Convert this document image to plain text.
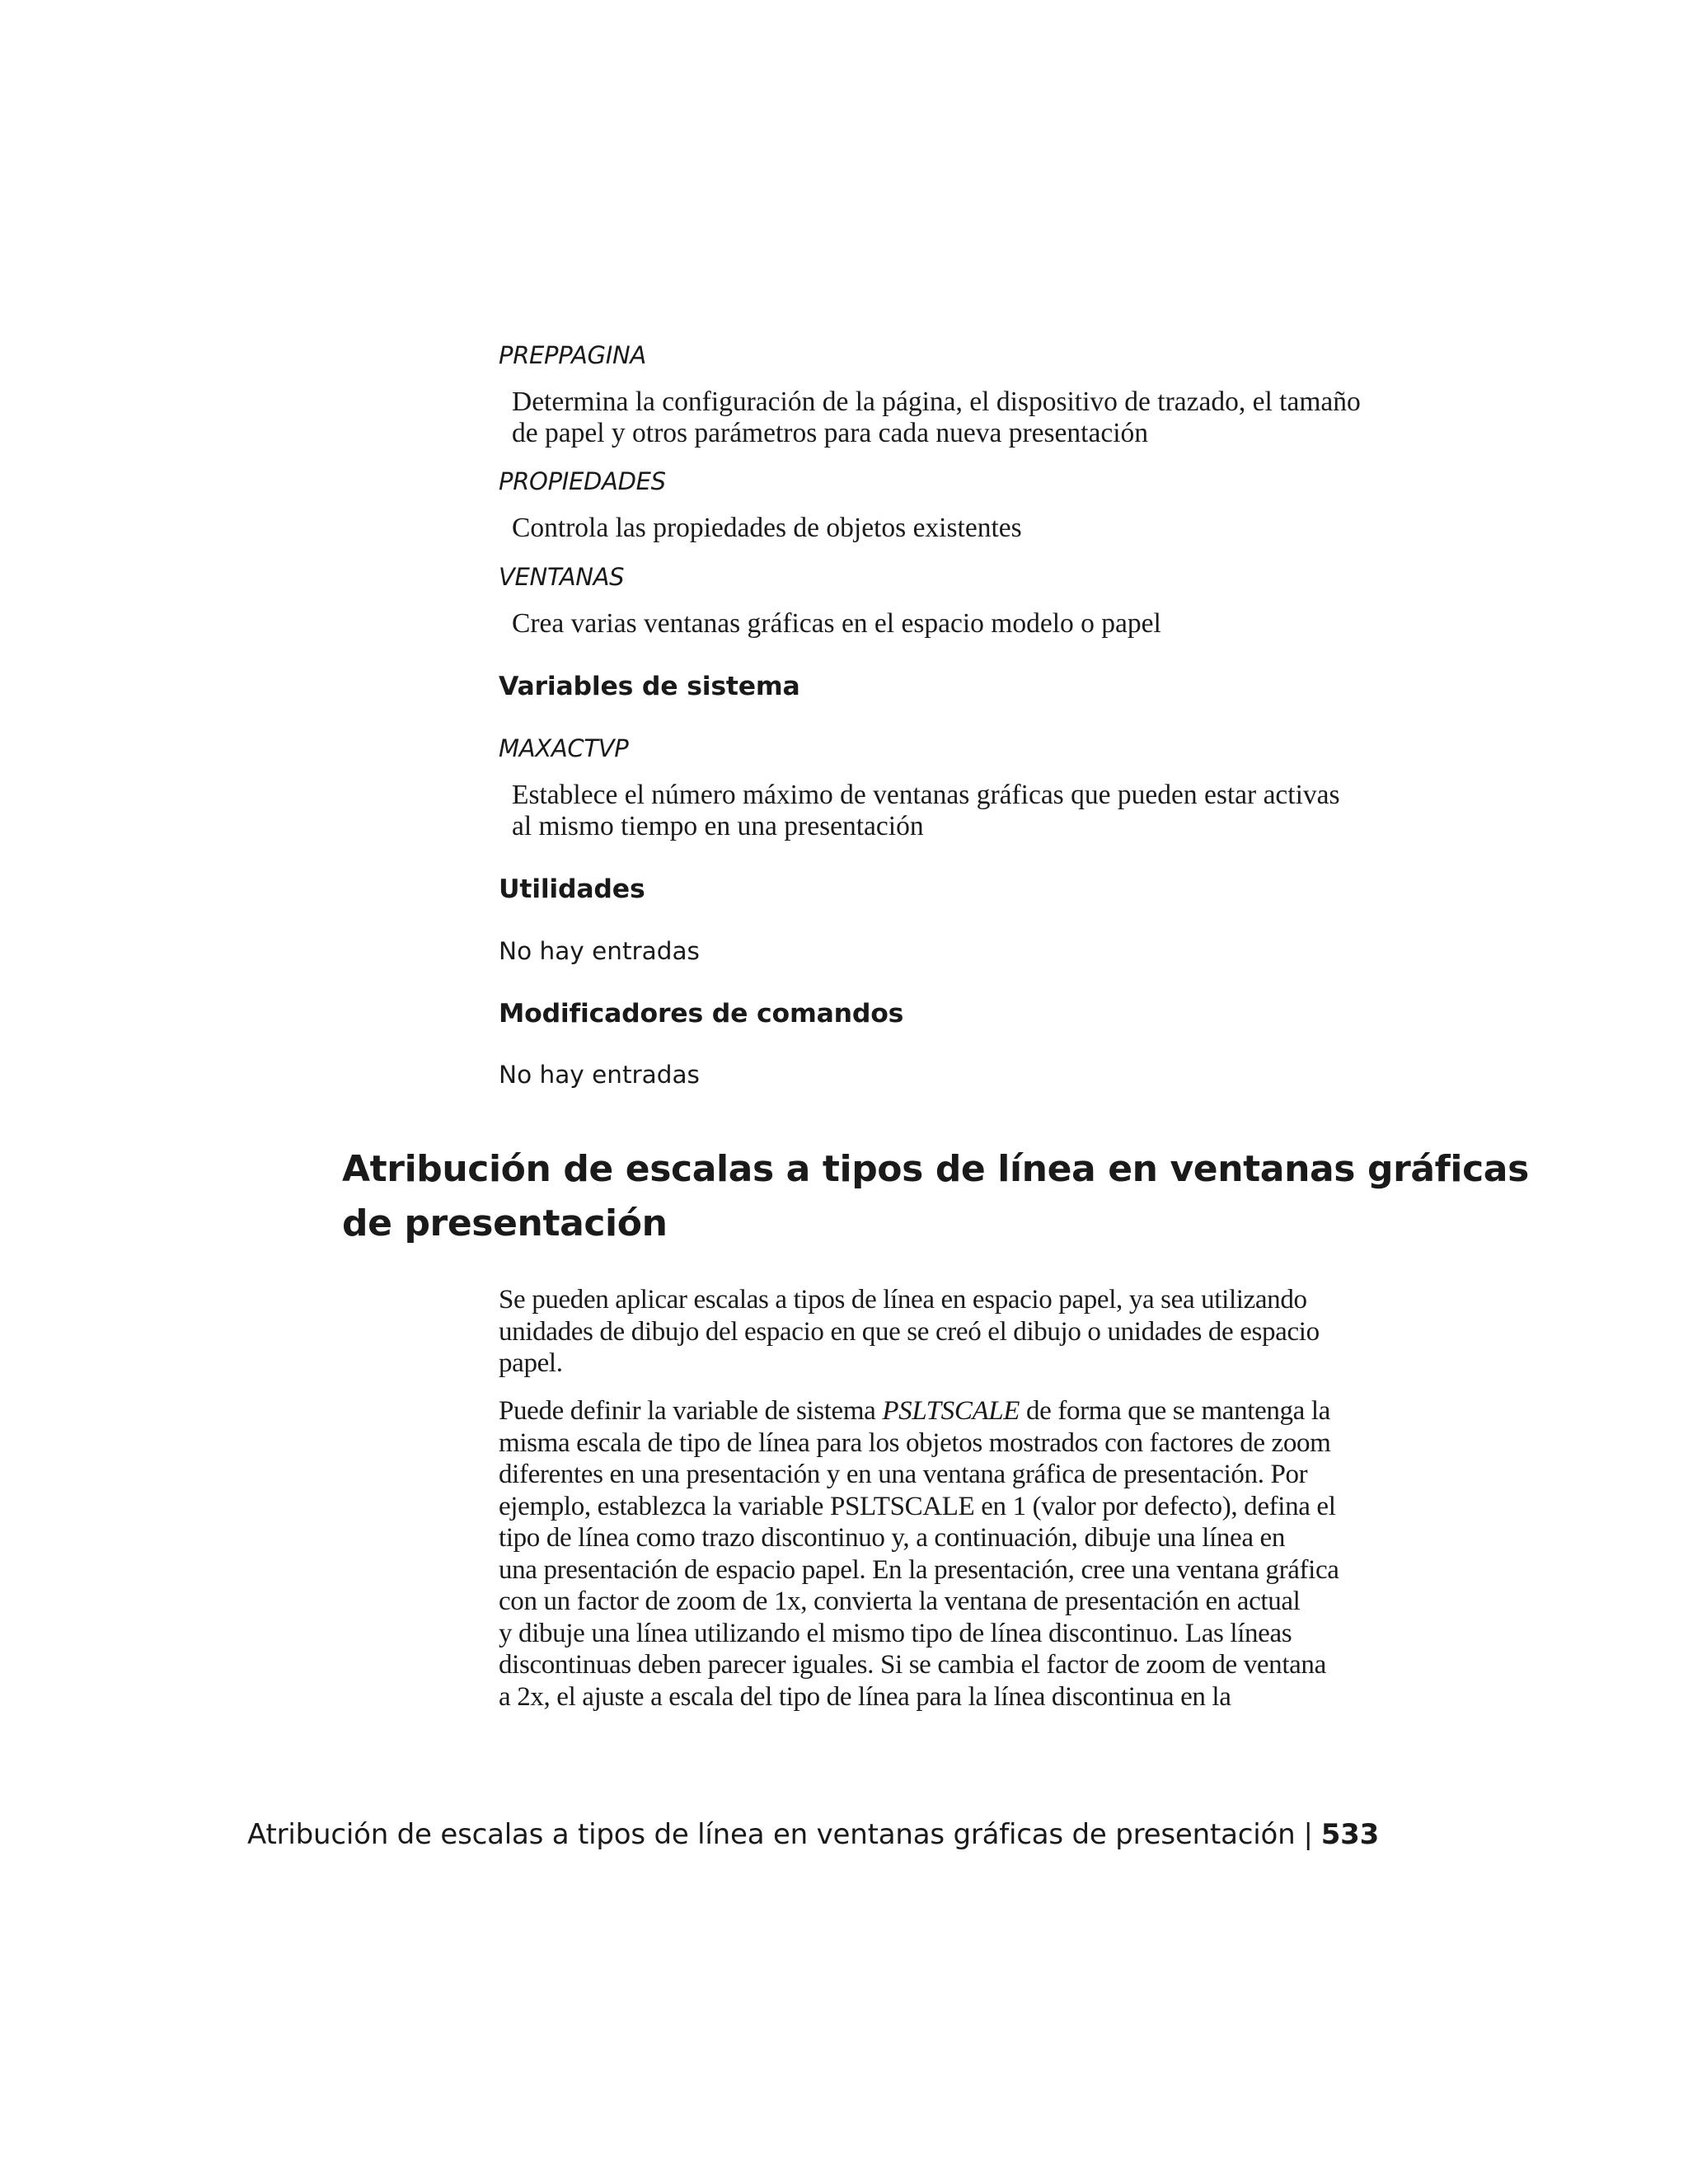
PREPPAGINA
Determina la configuración de la página, el dispositivo de trazado, el tamaño
de papel y otros parámetros para cada nueva presentación
PROPIEDADES
Controla las propiedades de objetos existentes
VENTANAS
Crea varias ventanas gráficas en el espacio modelo o papel
Variables de sistema
MAXACTVP
Establece el número máximo de ventanas gráficas que pueden estar activas
al mismo tiempo en una presentación
Utilidades
No hay entradas
Modificadores de comandos
No hay entradas
Atribución de escalas a tipos de línea en ventanas gráficas
de presentación
Se pueden aplicar escalas a tipos de línea en espacio papel, ya sea utilizando
unidades de dibujo del espacio en que se creó el dibujo o unidades de espacio
papel.
Puede definir la variable de sistema PSLTSCALE de forma que se mantenga la
misma escala de tipo de línea para los objetos mostrados con factores de zoom
diferentes en una presentación y en una ventana gráfica de presentación. Por
ejemplo, establezca la variable PSLTSCALE en 1 (valor por defecto), defina el
tipo de línea como trazo discontinuo y, a continuación, dibuje una línea en
una presentación de espacio papel. En la presentación, cree una ventana gráfica
con un factor de zoom de 1x, convierta la ventana de presentación en actual
y dibuje una línea utilizando el mismo tipo de línea discontinuo. Las líneas
discontinuas deben parecer iguales. Si se cambia el factor de zoom de ventana
a 2x, el ajuste a escala del tipo de línea para la línea discontinua en la
Atribución de escalas a tipos de línea en ventanas gráficas de presentación | 533
